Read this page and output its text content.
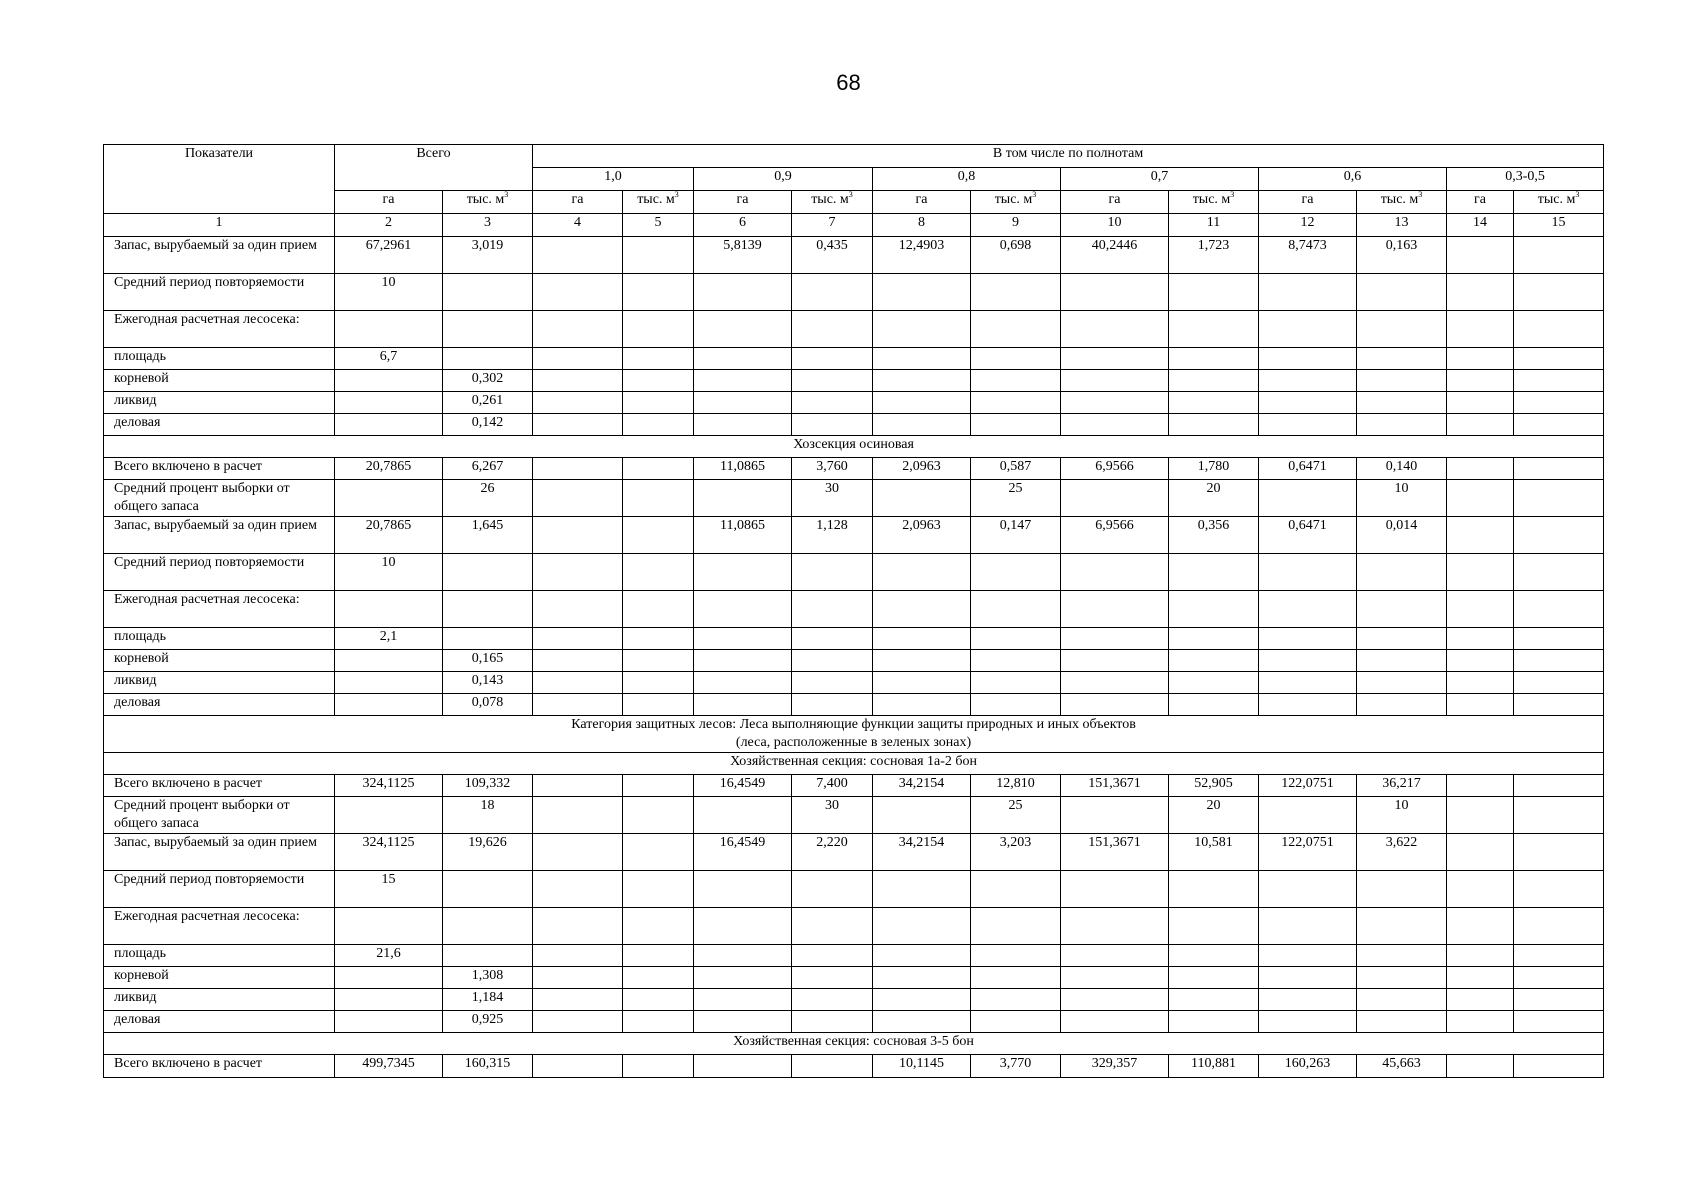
68
Показатели	Всего		В том числе по полнотам											
			1,0		0,9		0,8		0,7		0,6		0,3-0,5	
	га	тыс. $м^3$	га	тыс. $м^3$	га	тыс. $м^3$	га	тыс. $м^3$	га	тыс. $м^3$	га	тыс. $м^3$	га	тыс. $м^3$
1	2	3	4	5	6	7	8	9	10	11	12	13	14	15
Запас, вырубаемый за один прием	67,2961	3,019			5,8139	0,435	12,4903	0,698	40,2446	1,723	8,7473	0,163		
Средний период повторяемости	10													
Ежегодная расчетная лесосека:														
площадь	6,7													
корневой		0,302												
ликвид		0,261												
деловая		0,142												

Хозсекция осиновая														

Всего включено в расчет	20,7865	6,267			11,0865	3,760	2,0963	0,587	6,9566	1,780	0,6471	0,140		
Средний процент выборки от общего запаса		26				30		25		20		10		
Запас, вырубаемый за один прием	20,7865	1,645			11,0865	1,128	2,0963	0,147	6,9566	0,356	0,6471	0,014		
Средний период повторяемости	10													
Ежегодная расчетная лесосека:														
площадь	2,1													
корневой		0,165												
ликвид		0,143												
деловая		0,078												

Категория защитных лесов: Леса выполняющие функции защиты природных и иных объектов
(леса, расположенные в зеленых зонах)														

Хозяйственная секция: сосновая 1а-2 бон														

Всего включено в расчет	324,1125	109,332			16,4549	7,400	34,2154	12,810	151,3671	52,905	122,0751	36,217		
Средний процент выборки от общего запаса		18				30		25		20		10		
Запас, вырубаемый за один прием	324,1125	19,626			16,4549	2,220	34,2154	3,203	151,3671	10,581	122,0751	3,622		
Средний период повторяемости	15													
Ежегодная расчетная лесосека:														
площадь	21,6													
корневой		1,308												
ликвид		1,184												
деловая		0,925												

Хозяйственная секция: сосновая 3-5 бон														

Всего включено в расчет	499,7345	160,315					10,1145	3,770	329,357	110,881	160,263	45,663		
